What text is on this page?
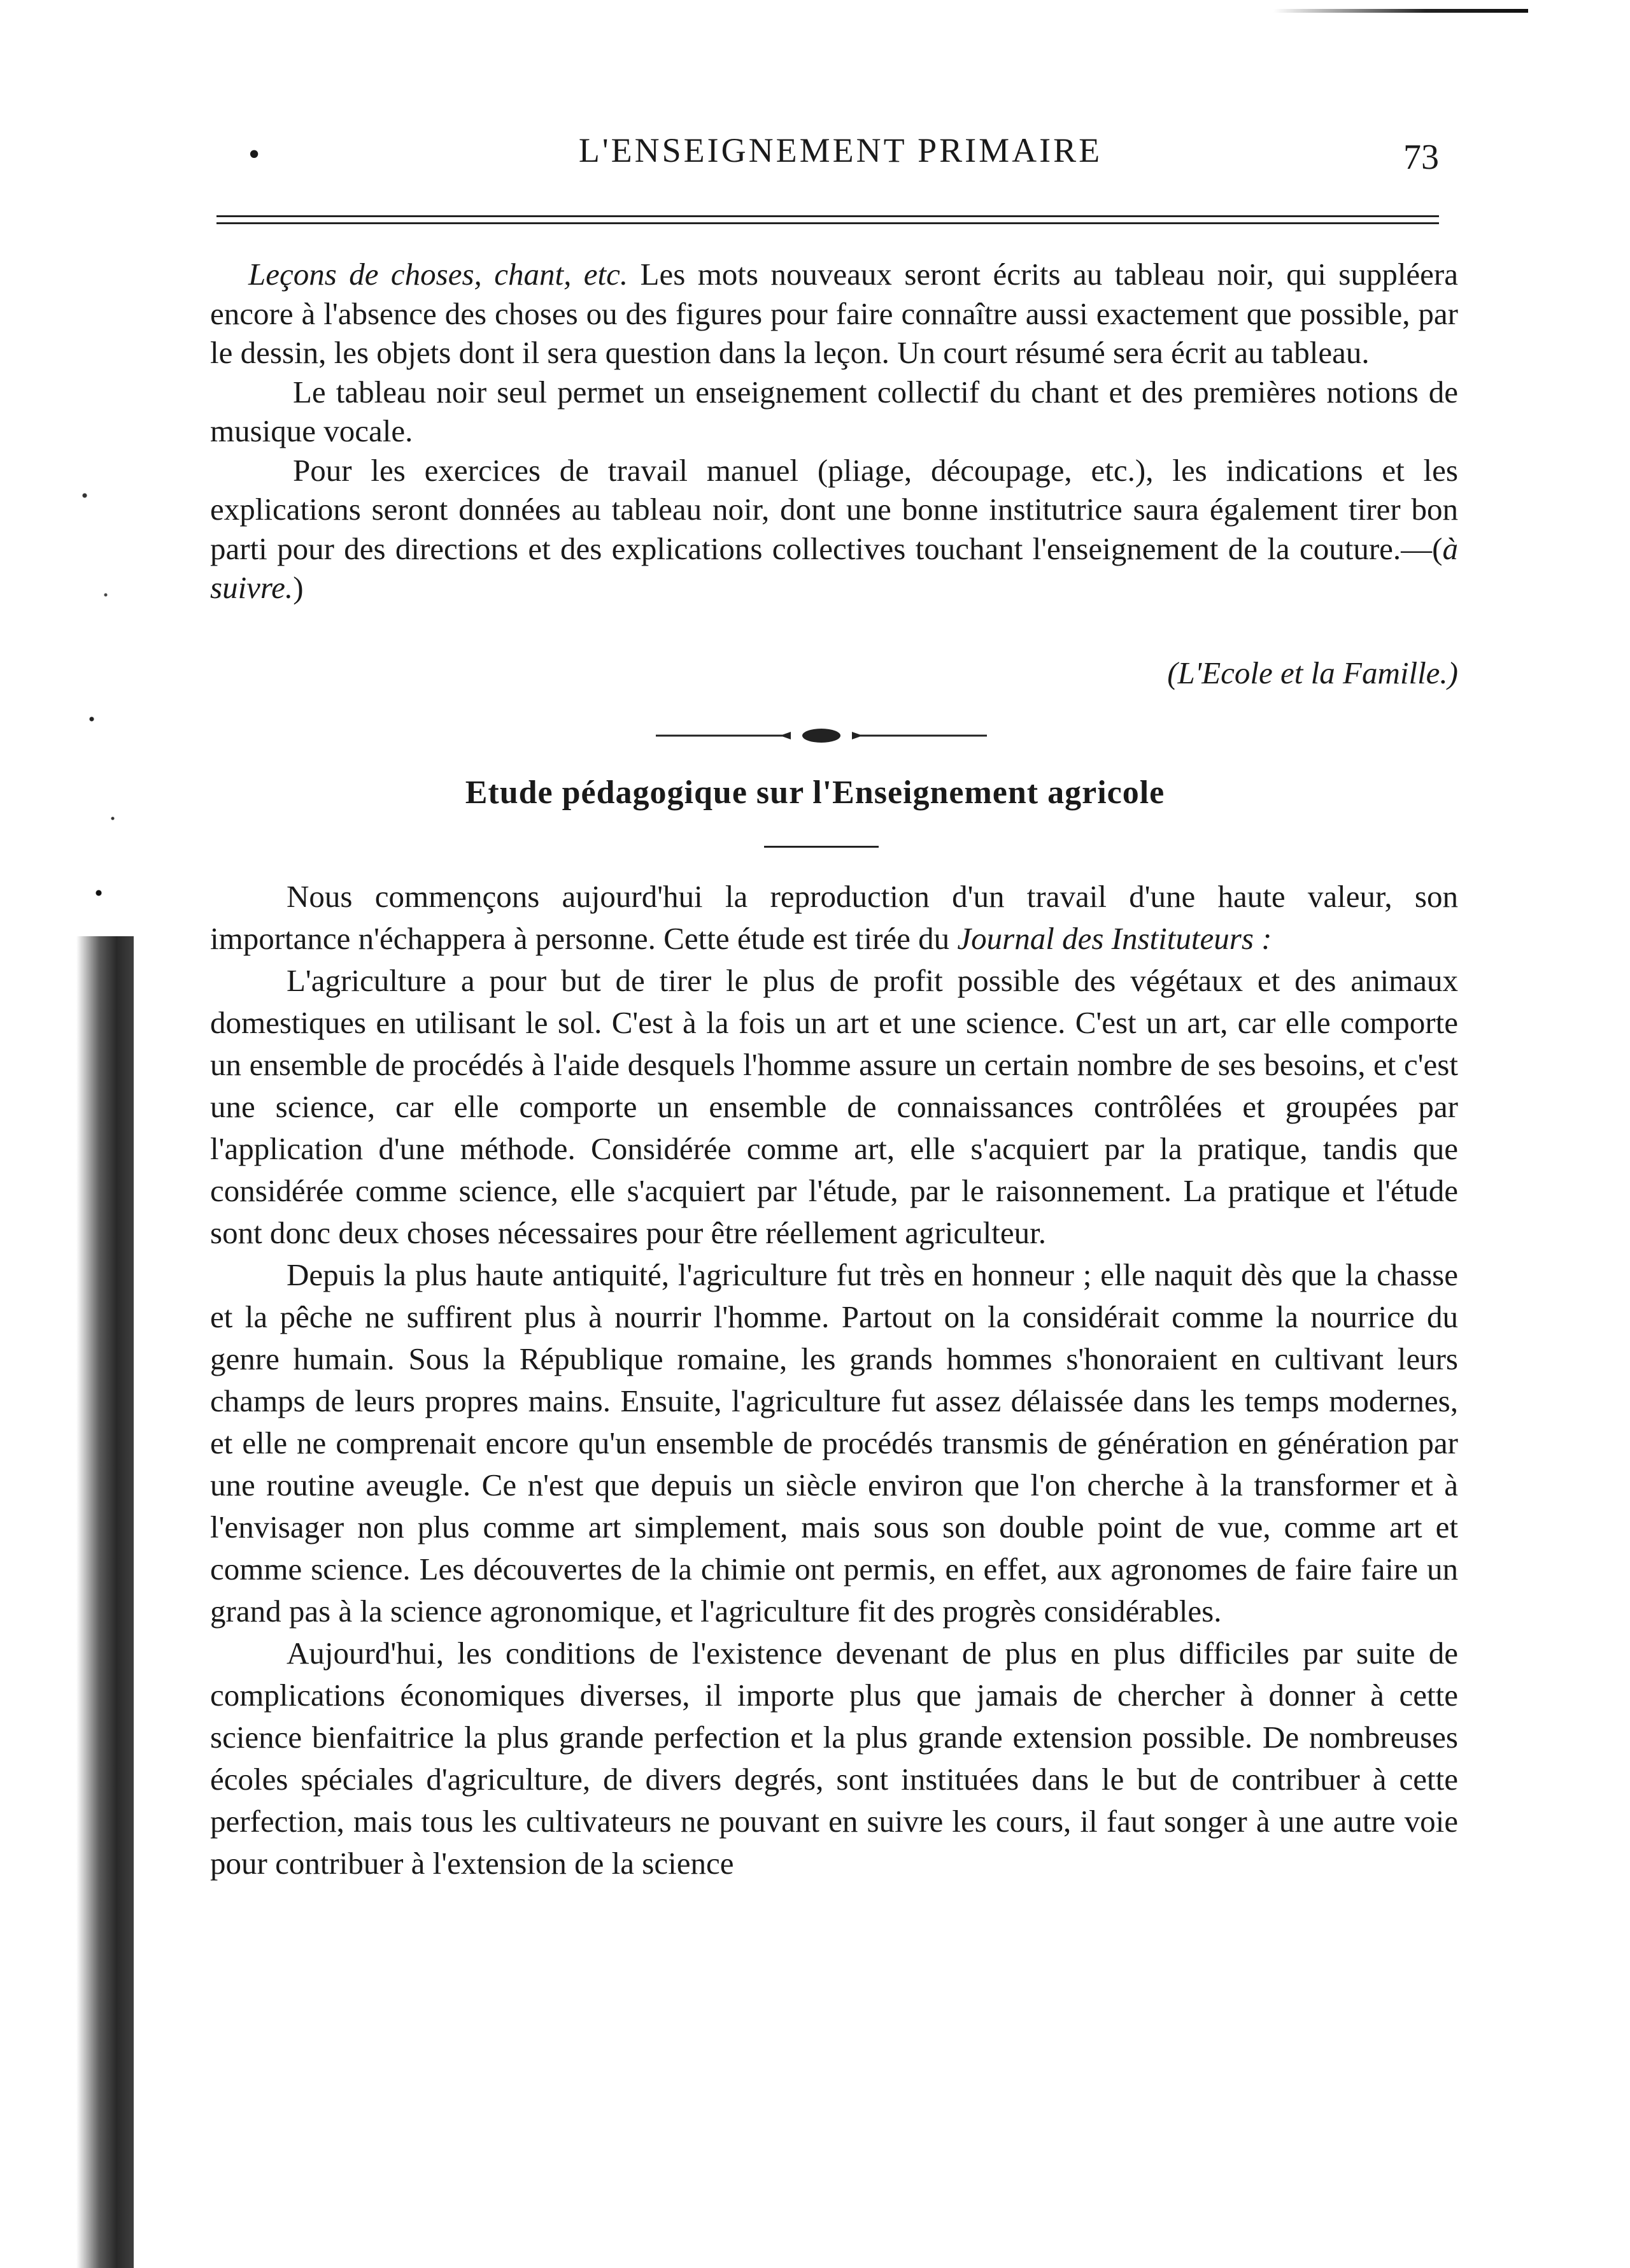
•	L'ENSEIGNEMENT PRIMAIRE	73

Leçons de choses, chant, etc. Les mots nouveaux seront écrits au tableau noir, qui suppléera encore à l'absence des choses ou des figures pour faire connaître aussi exactement que possible, par le dessin, les objets dont il sera question dans la leçon. Un court résumé sera écrit au tableau.

Le tableau noir seul permet un enseignement collectif du chant et des premières notions de musique vocale.

Pour les exercices de travail manuel (pliage, découpage, etc.), les indications et les explications seront données au tableau noir, dont une bonne institutrice saura également tirer bon parti pour des directions et des explications collectives touchant l'enseignement de la couture.—(à suivre.)

(L'Ecole et la Famille.)
Etude pédagogique sur l'Enseignement agricole

Nous commençons aujourd'hui la reproduction d'un travail d'une haute valeur, son importance n'échappera à personne. Cette étude est tirée du Journal des Instituteurs :

L'agriculture a pour but de tirer le plus de profit possible des végétaux et des animaux domestiques en utilisant le sol. C'est à la fois un art et une science. C'est un art, car elle comporte un ensemble de procédés à l'aide desquels l'homme assure un certain nombre de ses besoins, et c'est une science, car elle comporte un ensemble de connaissances contrôlées et groupées par l'application d'une méthode. Considérée comme art, elle s'acquiert par la pratique, tandis que considérée comme science, elle s'acquiert par l'étude, par le raisonnement. La pratique et l'étude sont donc deux choses nécessaires pour être réellement agriculteur.

Depuis la plus haute antiquité, l'agriculture fut très en honneur ; elle naquit dès que la chasse et la pêche ne suffirent plus à nourrir l'homme. Partout on la considérait comme la nourrice du genre humain. Sous la République romaine, les grands hommes s'honoraient en cultivant leurs champs de leurs propres mains. Ensuite, l'agriculture fut assez délaissée dans les temps modernes, et elle ne comprenait encore qu'un ensemble de procédés transmis de génération en génération par une routine aveugle. Ce n'est que depuis un siècle environ que l'on cherche à la transformer et à l'envisager non plus comme art simplement, mais sous son double point de vue, comme art et comme science. Les découvertes de la chimie ont permis, en effet, aux agronomes de faire faire un grand pas à la science agronomique, et l'agriculture fit des progrès considérables.

Aujourd'hui, les conditions de l'existence devenant de plus en plus difficiles par suite de complications économiques diverses, il importe plus que jamais de chercher à donner à cette science bienfaitrice la plus grande perfection et la plus grande extension possible. De nombreuses écoles spéciales d'agriculture, de divers degrés, sont instituées dans le but de contribuer à cette perfection, mais tous les cultivateurs ne pouvant en suivre les cours, il faut songer à une autre voie pour contribuer à l'extension de la science
